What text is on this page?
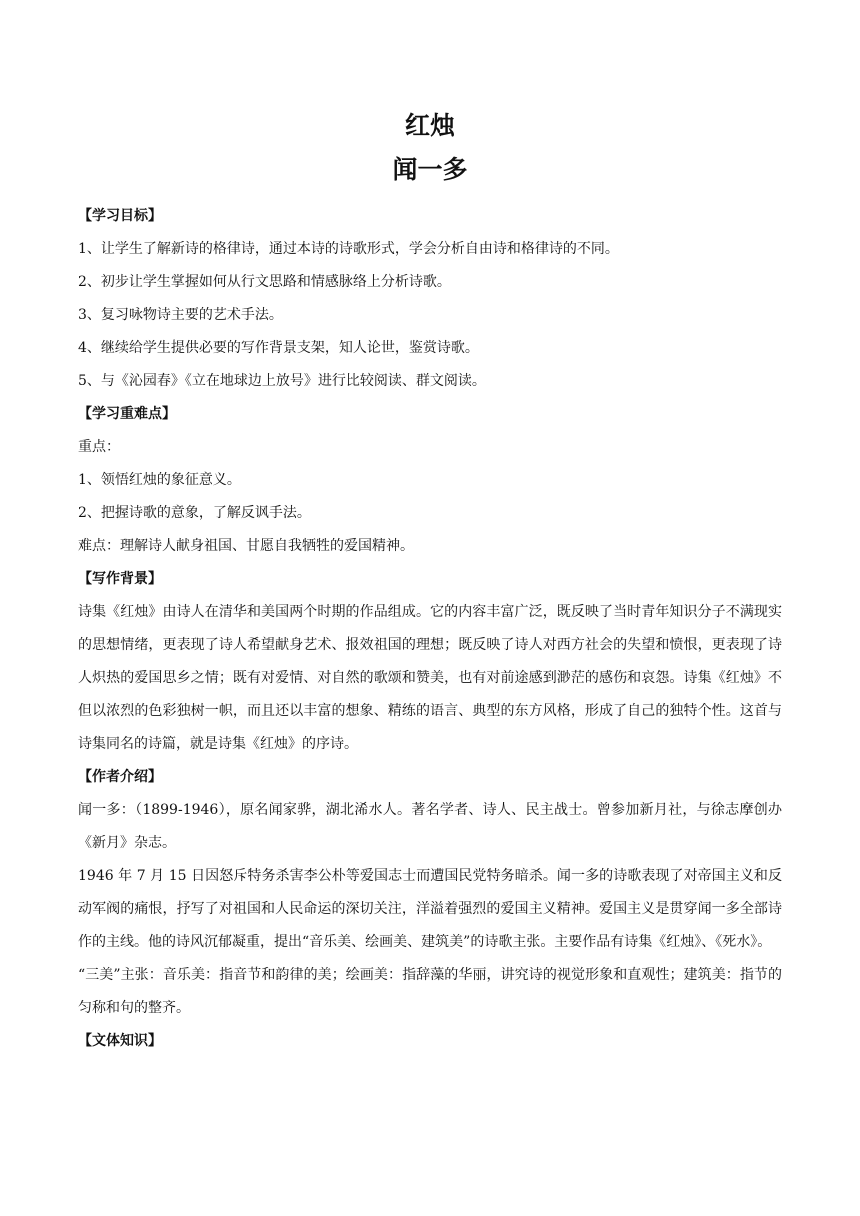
红烛
闻一多

【学习目标】

1、让学生了解新诗的格律诗，通过本诗的诗歌形式，学会分析自由诗和格律诗的不同。

2、初步让学生掌握如何从行文思路和情感脉络上分析诗歌。

3、复习咏物诗主要的艺术手法。

4、继续给学生提供必要的写作背景支架，知人论世，鉴赏诗歌。

5、与《沁园春》《立在地球边上放号》进行比较阅读、群文阅读。

【学习重难点】

重点：

1、领悟红烛的象征意义。

2、把握诗歌的意象，了解反讽手法。

难点：理解诗人献身祖国、甘愿自我牺牲的爱国精神。

【写作背景】

诗集《红烛》由诗人在清华和美国两个时期的作品组成。它的内容丰富广泛，既反映了当时青年知识分子不满现实的思想情绪，更表现了诗人希望献身艺术、报效祖国的理想；既反映了诗人对西方社会的失望和愤恨，更表现了诗人炽热的爱国思乡之情；既有对爱情、对自然的歌颂和赞美，也有对前途感到渺茫的感伤和哀怨。诗集《红烛》不但以浓烈的色彩独树一帜，而且还以丰富的想象、精练的语言、典型的东方风格，形成了自己的独特个性。这首与诗集同名的诗篇，就是诗集《红烛》的序诗。

【作者介绍】

闻一多：（1899-1946），原名闻家骅，湖北浠水人。著名学者、诗人、民主战士。曾参加新月社，与徐志摩创办《新月》杂志。

1946 年 7 月 15 日因怒斥特务杀害李公朴等爱国志士而遭国民党特务暗杀。闻一多的诗歌表现了对帝国主义和反动军阀的痛恨，抒写了对祖国和人民命运的深切关注，洋溢着强烈的爱国主义精神。爱国主义是贯穿闻一多全部诗作的主线。他的诗风沉郁凝重，提出“音乐美、绘画美、建筑美”的诗歌主张。主要作品有诗集《红烛》、《死水》。

“三美”主张：音乐美：指音节和韵律的美；绘画美：指辞藻的华丽，讲究诗的视觉形象和直观性；建筑美：指节的匀称和句的整齐。

【文体知识】
